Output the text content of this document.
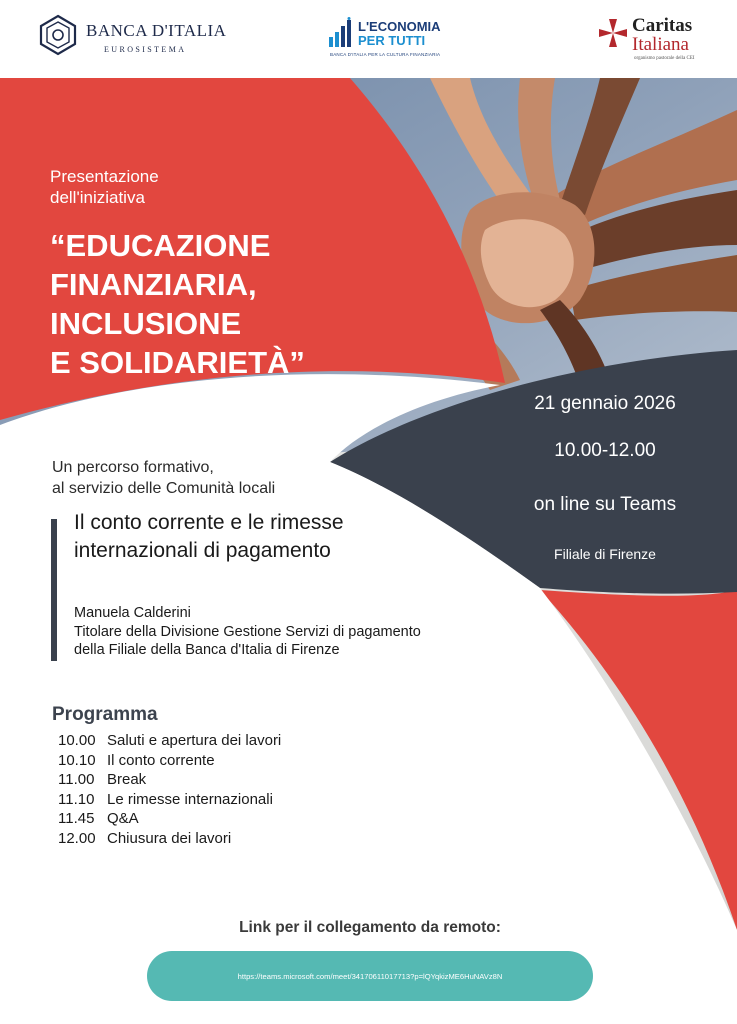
BANCA D'ITALIA
EUROSISTEMA
L'ECONOMIA
PER TUTTI
BANCA D'ITALIA PER LA CULTURA FINANZIARIA
Caritas
Italiana
organismo pastorale della CEI
Presentazione dell'iniziativa
“EDUCAZIONE
FINANZIARIA,
INCLUSIONE
E SOLIDARIETÀ”
21 gennaio 2026
10.00-12.00
on line su Teams
Filiale di Firenze
Un percorso formativo,
al servizio delle Comunità locali
Il conto corrente e le rimesse
internazionali di pagamento
Manuela Calderini
Titolare della Divisione Gestione Servizi di pagamento
della Filiale della Banca d'Italia di Firenze
Programma
10.00 Saluti e apertura dei lavori
10.10 Il conto corrente
11.00 Break
11.10 Le rimesse internazionali
11.45 Q&A
12.00 Chiusura dei lavori
Link per il collegamento da remoto:
https://teams.microsoft.com/meet/34170611017713?p=lQYqkizME6HuNAVz8N
